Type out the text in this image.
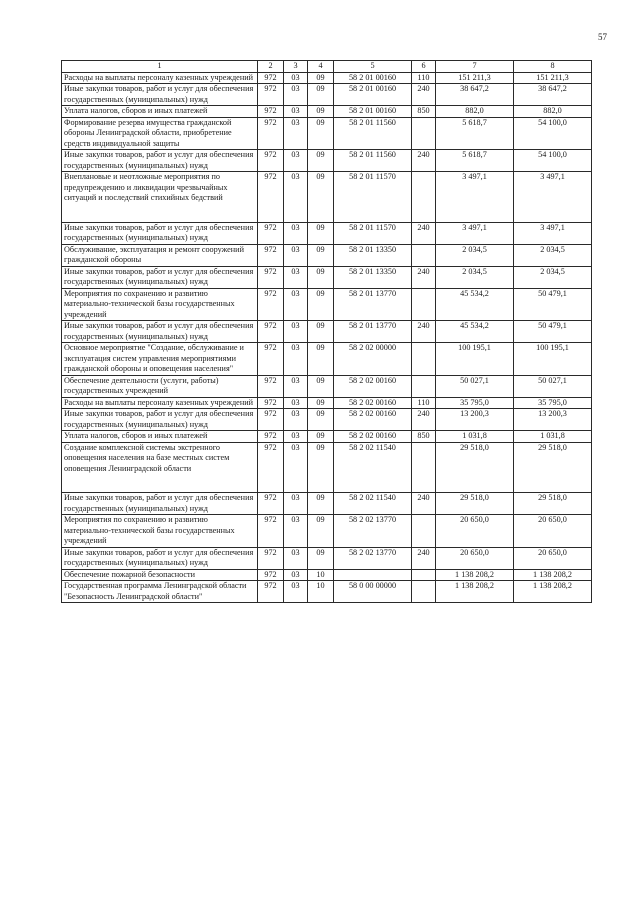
57
1	2	3	4	5	6	7	8
Расходы на выплаты персоналу казенных учреждений	972	03	09	58 2 01 00160	110	151 211,3	151 211,3
Иные закупки товаров, работ и услуг для обеспечения государственных (муниципальных) нужд	972	03	09	58 2 01 00160	240	38 647,2	38 647,2
Уплата налогов, сборов и иных платежей	972	03	09	58 2 01 00160	850	882,0	882,0
Формирование резерва имущества гражданской обороны Ленинградской области, приобретение средств индивидуальной защиты	972	03	09	58 2 01 11560		5 618,7	54 100,0
Иные закупки товаров, работ и услуг для обеспечения государственных (муниципальных) нужд	972	03	09	58 2 01 11560	240	5 618,7	54 100,0
Внеплановые и неотложные мероприятия по предупреждению и ликвидации чрезвычайных ситуаций и последствий стихийных бедствий	972	03	09	58 2 01 11570		3 497,1	3 497,1
Иные закупки товаров, работ и услуг для обеспечения государственных (муниципальных) нужд	972	03	09	58 2 01 11570	240	3 497,1	3 497,1
Обслуживание, эксплуатация и ремонт сооружений гражданской обороны	972	03	09	58 2 01 13350		2 034,5	2 034,5
Иные закупки товаров, работ и услуг для обеспечения государственных (муниципальных) нужд	972	03	09	58 2 01 13350	240	2 034,5	2 034,5
Мероприятия по сохранению и развитию материально-технической базы государственных учреждений	972	03	09	58 2 01 13770		45 534,2	50 479,1
Иные закупки товаров, работ и услуг для обеспечения государственных (муниципальных) нужд	972	03	09	58 2 01 13770	240	45 534,2	50 479,1
Основное мероприятие "Создание, обслуживание и эксплуатация систем управления мероприятиями гражданской обороны и оповещения населения"	972	03	09	58 2 02 00000		100 195,1	100 195,1
Обеспечение деятельности (услуги, работы) государственных учреждений	972	03	09	58 2 02 00160		50 027,1	50 027,1
Расходы на выплаты персоналу казенных учреждений	972	03	09	58 2 02 00160	110	35 795,0	35 795,0
Иные закупки товаров, работ и услуг для обеспечения государственных (муниципальных) нужд	972	03	09	58 2 02 00160	240	13 200,3	13 200,3
Уплата налогов, сборов и иных платежей	972	03	09	58 2 02 00160	850	1 031,8	1 031,8
Создание комплексной системы экстренного оповещения населения на базе местных систем оповещения Ленинградской области	972	03	09	58 2 02 11540		29 518,0	29 518,0
Иные закупки товаров, работ и услуг для обеспечения государственных (муниципальных) нужд	972	03	09	58 2 02 11540	240	29 518,0	29 518,0
Мероприятия по сохранению и развитию материально-технической базы государственных учреждений	972	03	09	58 2 02 13770		20 650,0	20 650,0
Иные закупки товаров, работ и услуг для обеспечения государственных (муниципальных) нужд	972	03	09	58 2 02 13770	240	20 650,0	20 650,0
Обеспечение пожарной безопасности	972	03	10			1 138 208,2	1 138 208,2
Государственная программа Ленинградской области "Безопасность Ленинградской области"	972	03	10	58 0 00 00000		1 138 208,2	1 138 208,2
